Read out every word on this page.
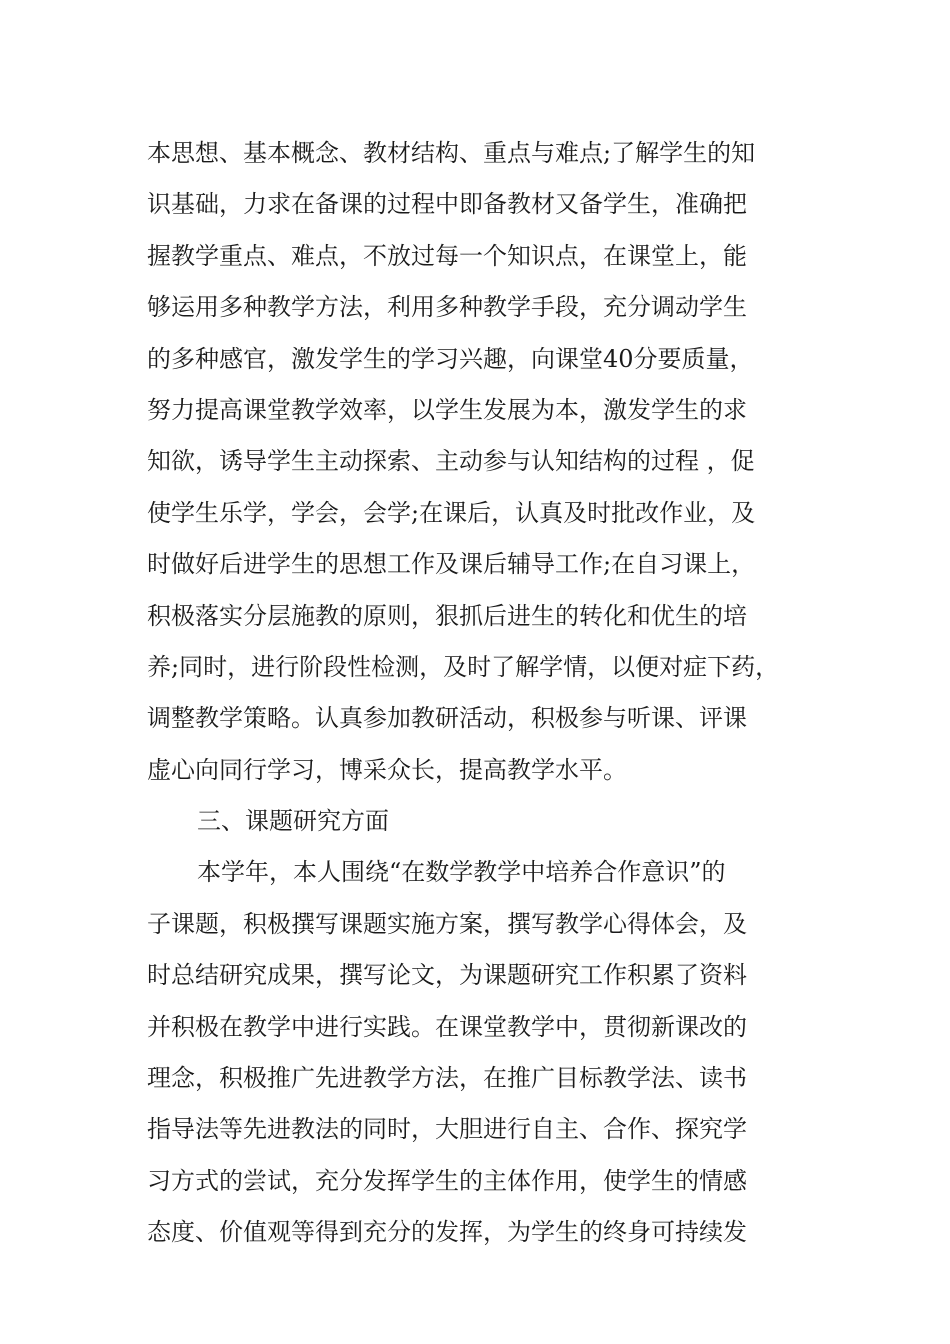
本思想、基本概念、教材结构、重点与难点;了解学生的知
识基础，力求在备课的过程中即备教材又备学生，准确把
握教学重点、难点，不放过每一个知识点，在课堂上，能
够运用多种教学方法，利用多种教学手段，充分调动学生
的多种感官，激发学生的学习兴趣，向课堂40分要质量，
努力提高课堂教学效率，以学生发展为本，激发学生的求
知欲，诱导学生主动探索、主动参与认知结构的过程 ，促
使学生乐学，学会，会学;在课后，认真及时批改作业，及
时做好后进学生的思想工作及课后辅导工作;在自习课上，
积极落实分层施教的原则，狠抓后进生的转化和优生的培
养;同时，进行阶段性检测，及时了解学情，以便对症下药，
调整教学策略。认真参加教研活动，积极参与听课、评课
虚心向同行学习，博采众长，提高教学水平。
三、课题研究方面
本学年，本人围绕“在数学教学中培养合作意识”的
子课题，积极撰写课题实施方案，撰写教学心得体会，及
时总结研究成果，撰写论文，为课题研究工作积累了资料
并积极在教学中进行实践。在课堂教学中，贯彻新课改的
理念，积极推广先进教学方法，在推广目标教学法、读书
指导法等先进教法的同时，大胆进行自主、合作、探究学
习方式的尝试，充分发挥学生的主体作用，使学生的情感
态度、价值观等得到充分的发挥，为学生的终身可持续发
